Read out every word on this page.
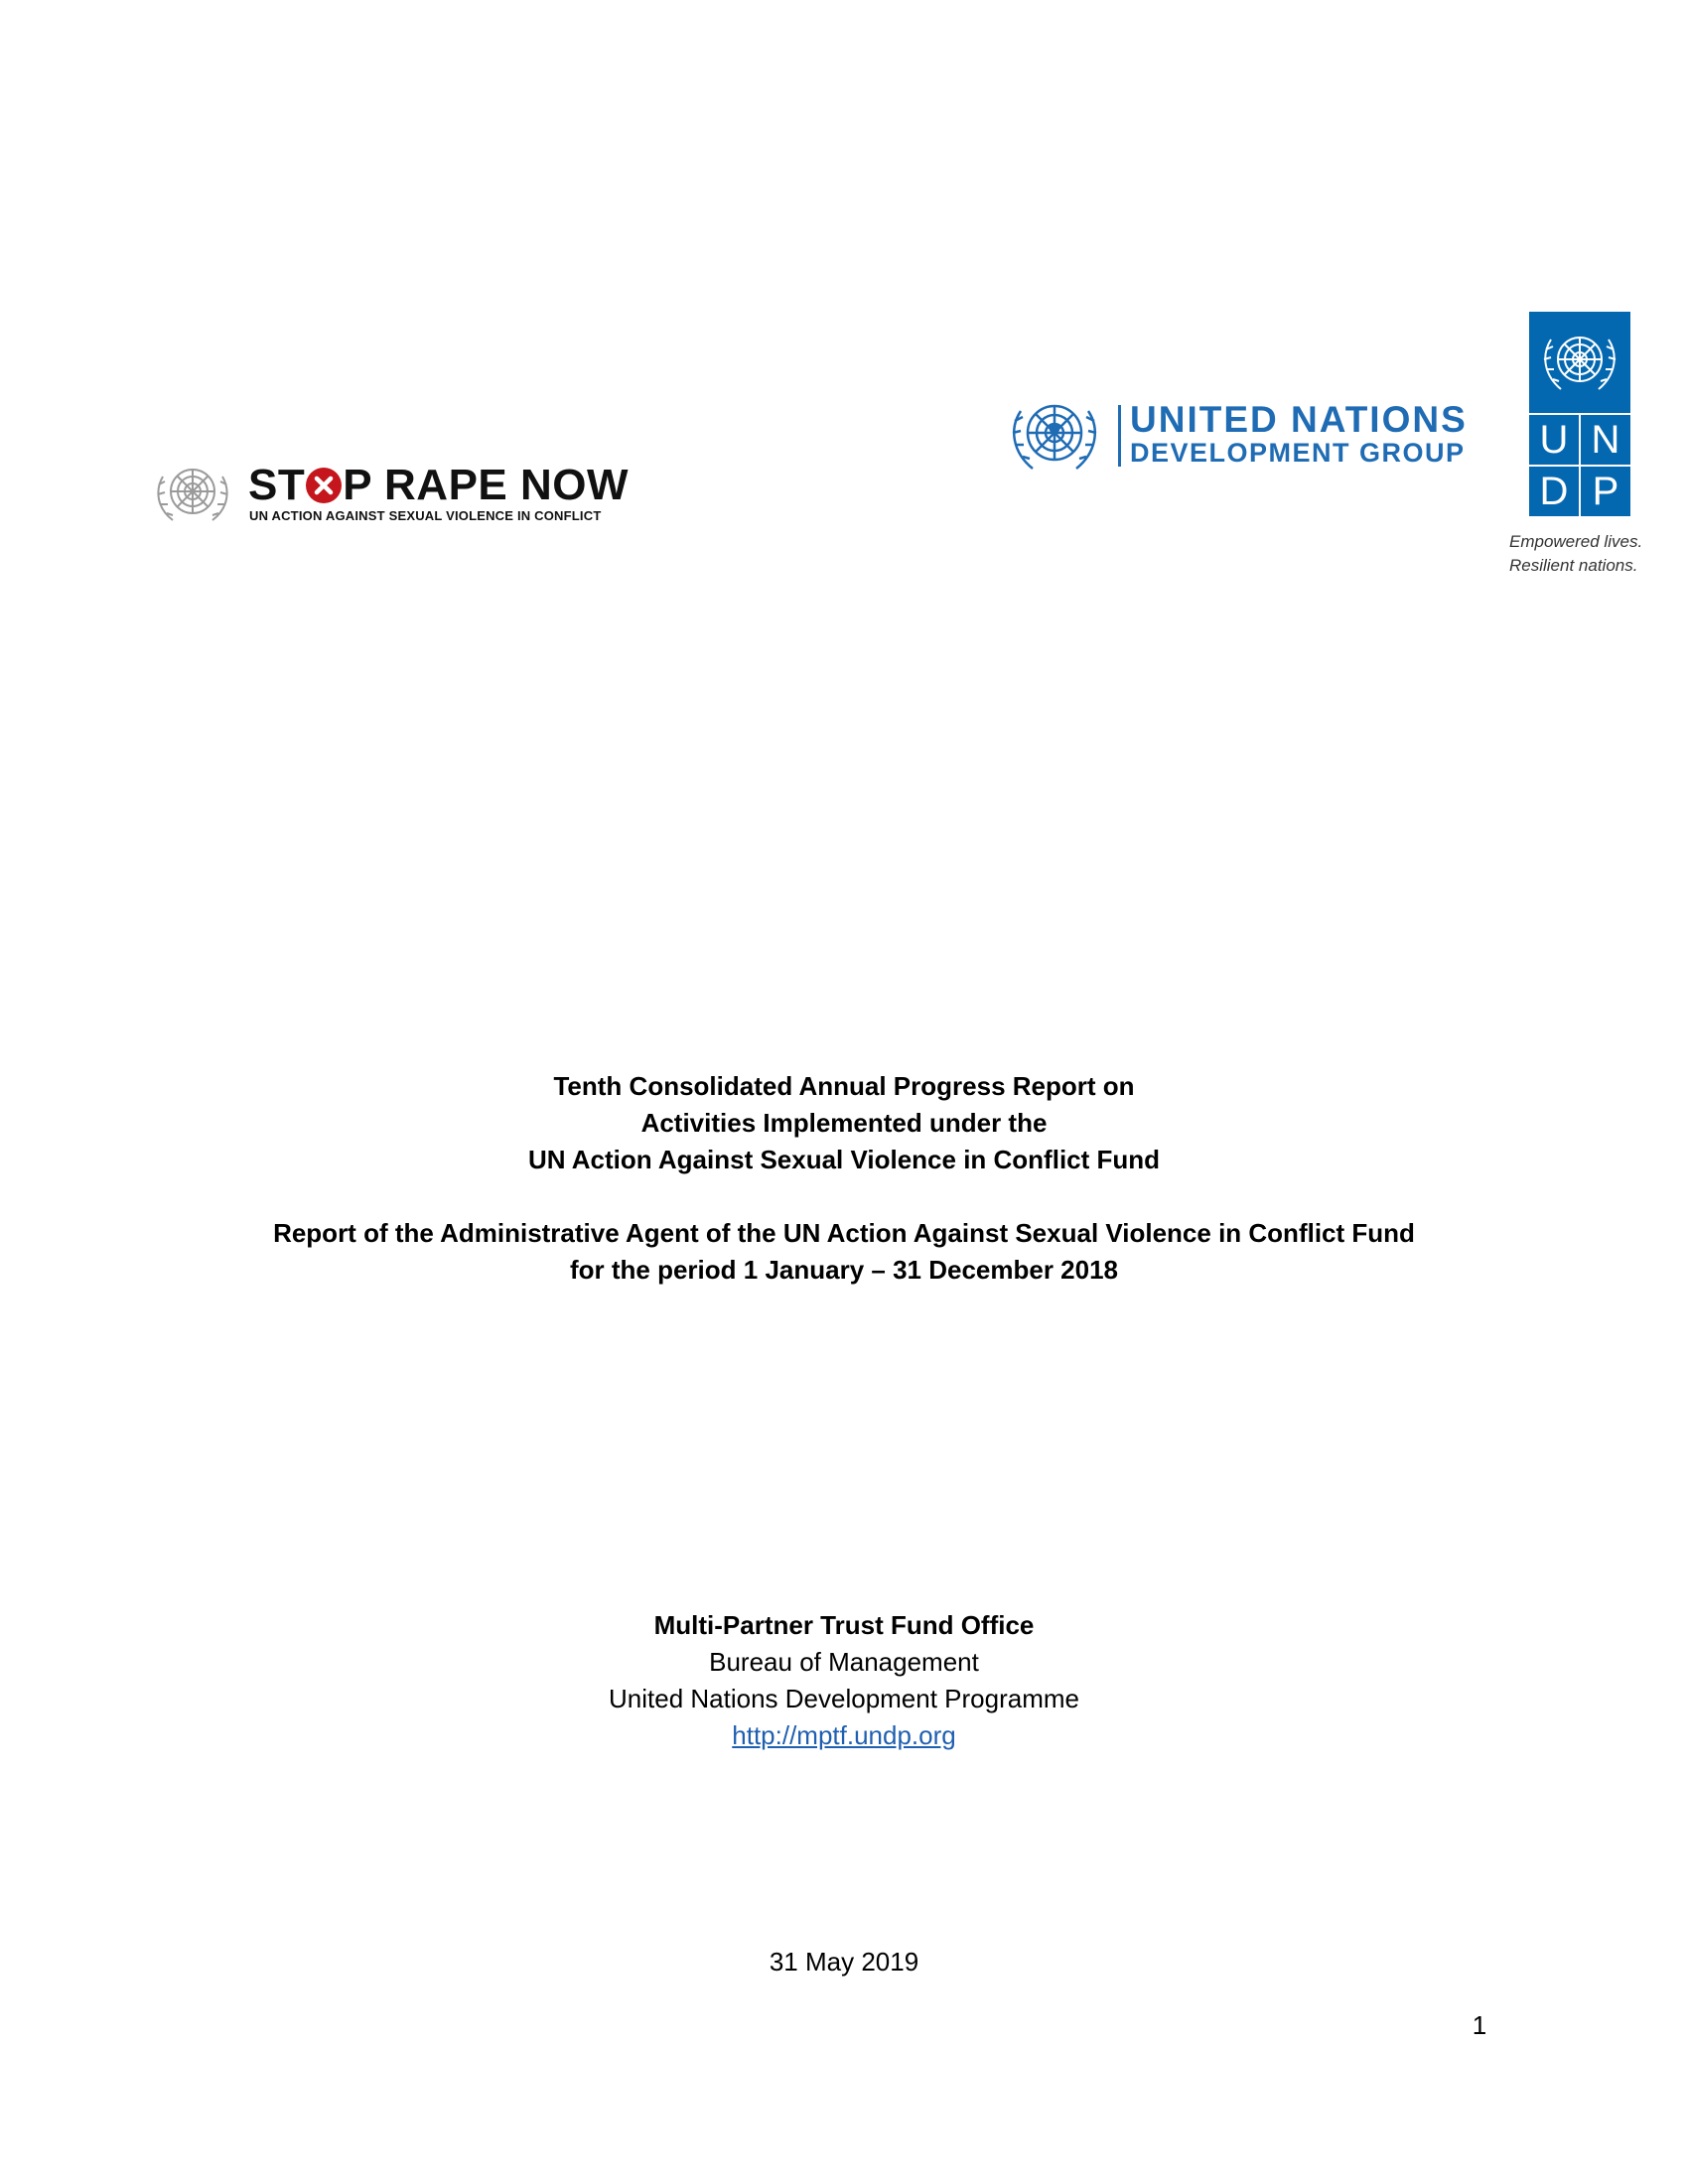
ST P RAPE NOW
UN ACTION AGAINST SEXUAL VIOLENCE IN CONFLICT
UNITED NATIONS
DEVELOPMENT GROUP U N
D P
Empowered lives.
Resilient nations.
Tenth Consolidated Annual Progress Report on
Activities Implemented under the
UN Action Against Sexual Violence in Conflict Fund
Report of the Administrative Agent of the UN Action Against Sexual Violence in Conflict Fund
for the period 1 January – 31 December 2018
Multi-Partner Trust Fund Office
Bureau of Management
United Nations Development Programme
http://mptf.undp.org
31 May 2019
1
